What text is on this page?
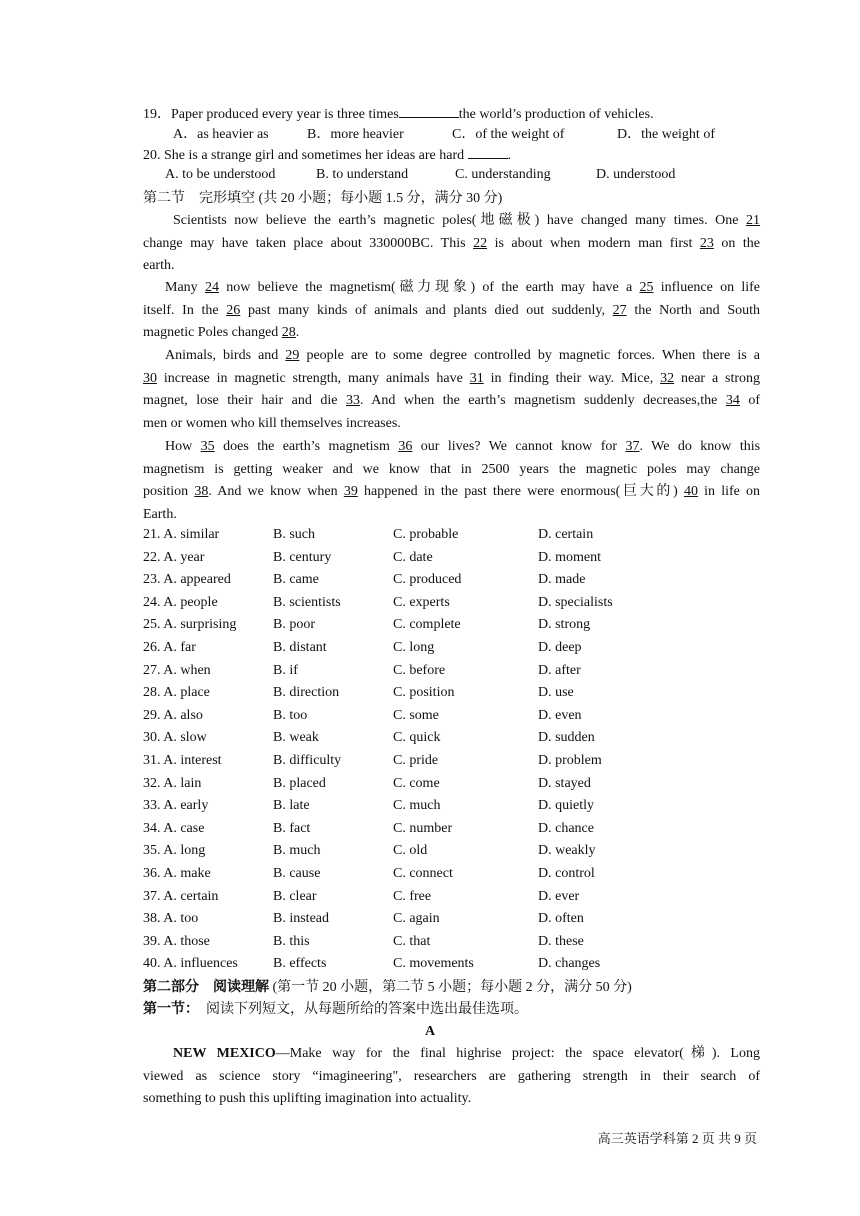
19．Paper produced every year is three times	the world’s production of vehicles.
A．as heavier as	B．more heavier	C．of the weight of	D．the weight of
20. She is a strange girl and sometimes her ideas are hard	.
A. to be understood	B. to understand	C. understanding	D. understood
第二节　完形填空 (共 20 小题；每小题 1.5 分，满分 30 分)
Scientists now believe the earth’s magnetic poles(地磁极) have changed many times. One 21
change may have taken place about 330000BC. This 22 is about when modern man first 23 on the
earth.
Many 24 now believe the magnetism(磁力现象) of the earth may have a 25 influence on life
itself. In the 26 past many kinds of animals and plants died out suddenly, 27 the North and South
magnetic Poles changed 28.
Animals, birds and 29 people are to some degree controlled by magnetic forces. When there is a
30 increase in magnetic strength, many animals have 31 in finding their way. Mice, 32 near a strong
magnet, lose their hair and die 33. And when the earth’s magnetism suddenly decreases,the 34 of
men or women who kill themselves increases.
How 35 does the earth’s magnetism 36 our lives? We cannot know for 37. We do know this
magnetism is getting weaker and we know that in 2500 years the magnetic poles may change
position 38. And we know when 39 happened in the past there were enormous(巨大的) 40 in life on
Earth.
21. A. similar	B. such	C. probable	D. certain
22. A. year	B. century	C. date	D. moment
23. A. appeared	B. came	C. produced	D. made
24. A. people	B. scientists	C. experts	D. specialists
25. A. surprising	B. poor	C. complete	D. strong
26. A. far	B. distant	C. long	D. deep
27. A. when	B. if	C. before	D. after
28. A. place	B. direction	C. position	D. use
29. A. also	B. too	C. some	D. even
30. A. slow	B. weak	C. quick	D. sudden
31. A. interest	B. difficulty	C. pride	D. problem
32. A. lain	B. placed	C. come	D. stayed
33. A. early	B. late	C. much	D. quietly
34. A. case	B. fact	C. number	D. chance
35. A. long	B. much	C. old	D. weakly
36. A. make	B. cause	C. connect	D. control
37. A. certain	B. clear	C. free	D. ever
38. A. too	B. instead	C. again	D. often
39. A. those	B. this	C. that	D. these
40. A. influences	B. effects	C. movements	D. changes
第二部分　阅读理解 (第一节 20 小题，第二节 5 小题；每小题 2 分，满分 50 分)
第一节：　阅读下列短文，从每题所给的答案中选出最佳选项。
A
NEW MEXICO—Make way for the final highrise project: the space elevator(梯). Long
viewed as science story “imagineering", researchers are gathering strength in their search of
something to push this uplifting imagination into actuality.
高三英语学科第 2 页 共 9 页
